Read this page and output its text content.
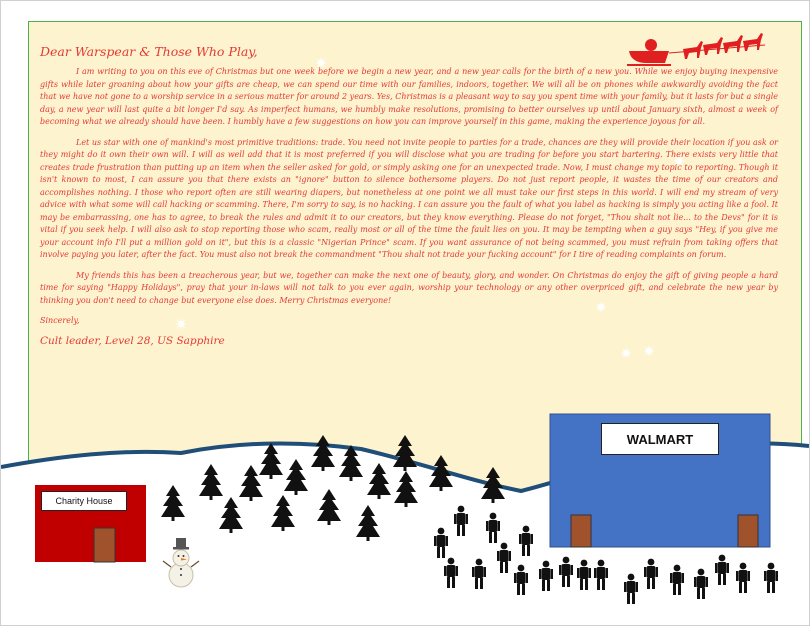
Charity House
WALMART

Dear Warspear & Those Who Play,

I am writing to you on this eve of Christmas but one week before we begin a new year, and a new year calls for the birth of a new you. While we enjoy buying inexpensive gifts while later groaning about how your gifts are cheap, we can spend our time with our families, indoors, together. We will all be on phones while awkwardly avoiding the fact that we have not gone to a worship service in a serious matter for around 2 years. Yes, Christmas is a pleasant way to say you spent time with your family, but it lasts for but a single day, a new year will last quite a bit longer I'd say. As imperfect humans, we humbly make resolutions, promising to better ourselves up until about January sixth, almost a week of becoming what we already should have been. I humbly have a few suggestions on how you can improve yourself in this game, making the experience joyous for all.

Let us star with one of mankind's most primitive traditions: trade. You need not invite people to parties for a trade, chances are they will provide their location if you ask or they might do it own their own will. I will as well add that it is most preferred if you will disclose what you are trading for before you start bartering. There exists very little that creates trade frustration than putting up an item when the seller asked for gold, or simply asking one for an unexpected trade. Now, I must change my topic to reporting. Though it isn't known to most, I can assure you that there exists an "ignore" button to silence bothersome players. Do not just report people, it wastes the time of our creators and accomplishes nothing. I those who report often are still wearing diapers, but nonetheless at one point we all must take our first steps in this world. I will end my stream of very advice with what some will call hacking or scamming. There, I'm sorry to say, is no hacking. I can assure you the fault of what you label as hacking is simply you acting like a fool. It may be embarrassing, one has to agree, to break the rules and admit it to our creators, but they know everything. Please do not forget, "Thou shalt not lie... to the Devs" for it is vital if you seek help. I will also ask to stop reporting those who scam, really most or all of the time the fault lies on you. It may be tempting when a guy says "Hey, if you give me your account info I'll put a million gold on it", but this is a classic "Nigerian Prince" scam. If you want assurance of not being scammed, you must refrain from taking offers that involve paying you later, after the fact. You must also not break the commandment "Thou shalt not trade your fucking account" for I tire of reading complaints on forum.

My friends this has been a treacherous year, but we, together can make the next one of beauty, glory, and wonder. On Christmas do enjoy the gift of giving people a hard time for saying "Happy Holidays", pray that your in-laws will not talk to you ever again, worship your technology or any other overpriced gift, and celebrate the new year by thinking you don't need to change but everyone else does. Merry Christmas everyone!

Sincerely,

Cult leader, Level 28, US Sapphire
